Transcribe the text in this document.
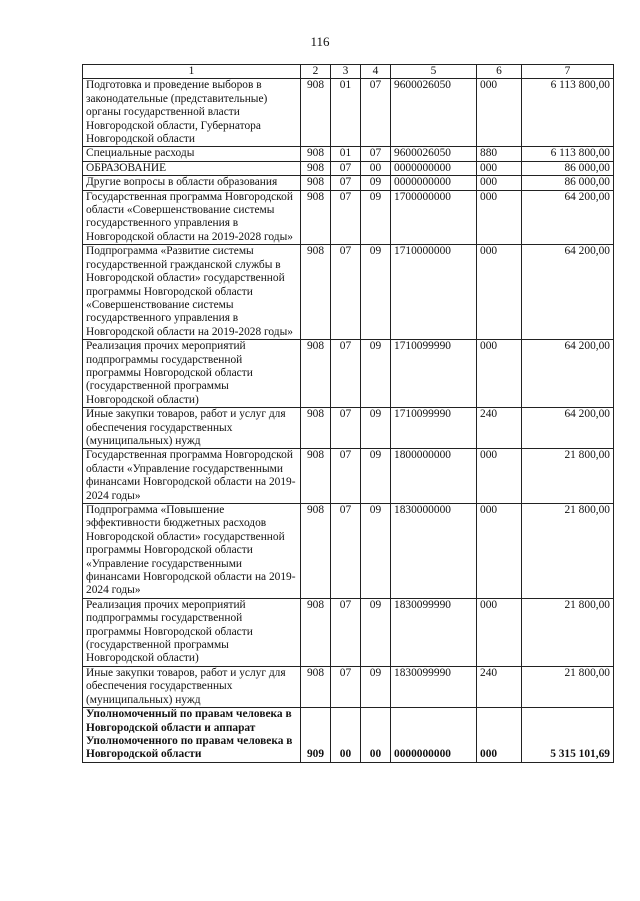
116
1	2	3	4	5	6	7
Подготовка и проведение выборов в законодательные (представительные) органы государственной власти Новгородской области, Губернатора Новгородской области	908	01	07	9600026050	000	6 113 800,00
Специальные расходы	908	01	07	9600026050	880	6 113 800,00
ОБРАЗОВАНИЕ	908	07	00	0000000000	000	86 000,00
Другие вопросы в области образования	908	07	09	0000000000	000	86 000,00
Государственная программа Новгородской области «Совершенствование системы государственного управления в Новгородской области на 2019-2028 годы»	908	07	09	1700000000	000	64 200,00
Подпрограмма «Развитие системы государственной гражданской службы в Новгородской области» государственной программы Новгородской области «Совершенствование системы государственного управления в Новгородской области на 2019-2028 годы»	908	07	09	1710000000	000	64 200,00
Реализация прочих мероприятий подпрограммы государственной программы Новгородской области (государственной программы Новгородской области)	908	07	09	1710099990	000	64 200,00
Иные закупки товаров, работ и услуг для обеспечения государственных (муниципальных) нужд	908	07	09	1710099990	240	64 200,00
Государственная программа Новгородской области «Управление государственными финансами Новгородской области на 2019-2024 годы»	908	07	09	1800000000	000	21 800,00
Подпрограмма «Повышение эффективности бюджетных расходов Новгородской области» государственной программы Новгородской области «Управление государственными финансами Новгородской области на 2019-2024 годы»	908	07	09	1830000000	000	21 800,00
Реализация прочих мероприятий подпрограммы государственной программы Новгородской области (государственной программы Новгородской области)	908	07	09	1830099990	000	21 800,00
Иные закупки товаров, работ и услуг для обеспечения государственных (муниципальных) нужд	908	07	09	1830099990	240	21 800,00
Уполномоченный по правам человека в Новгородской области и аппарат Уполномоченного по правам человека в Новгородской области	909	00	00	0000000000	000	5 315 101,69
